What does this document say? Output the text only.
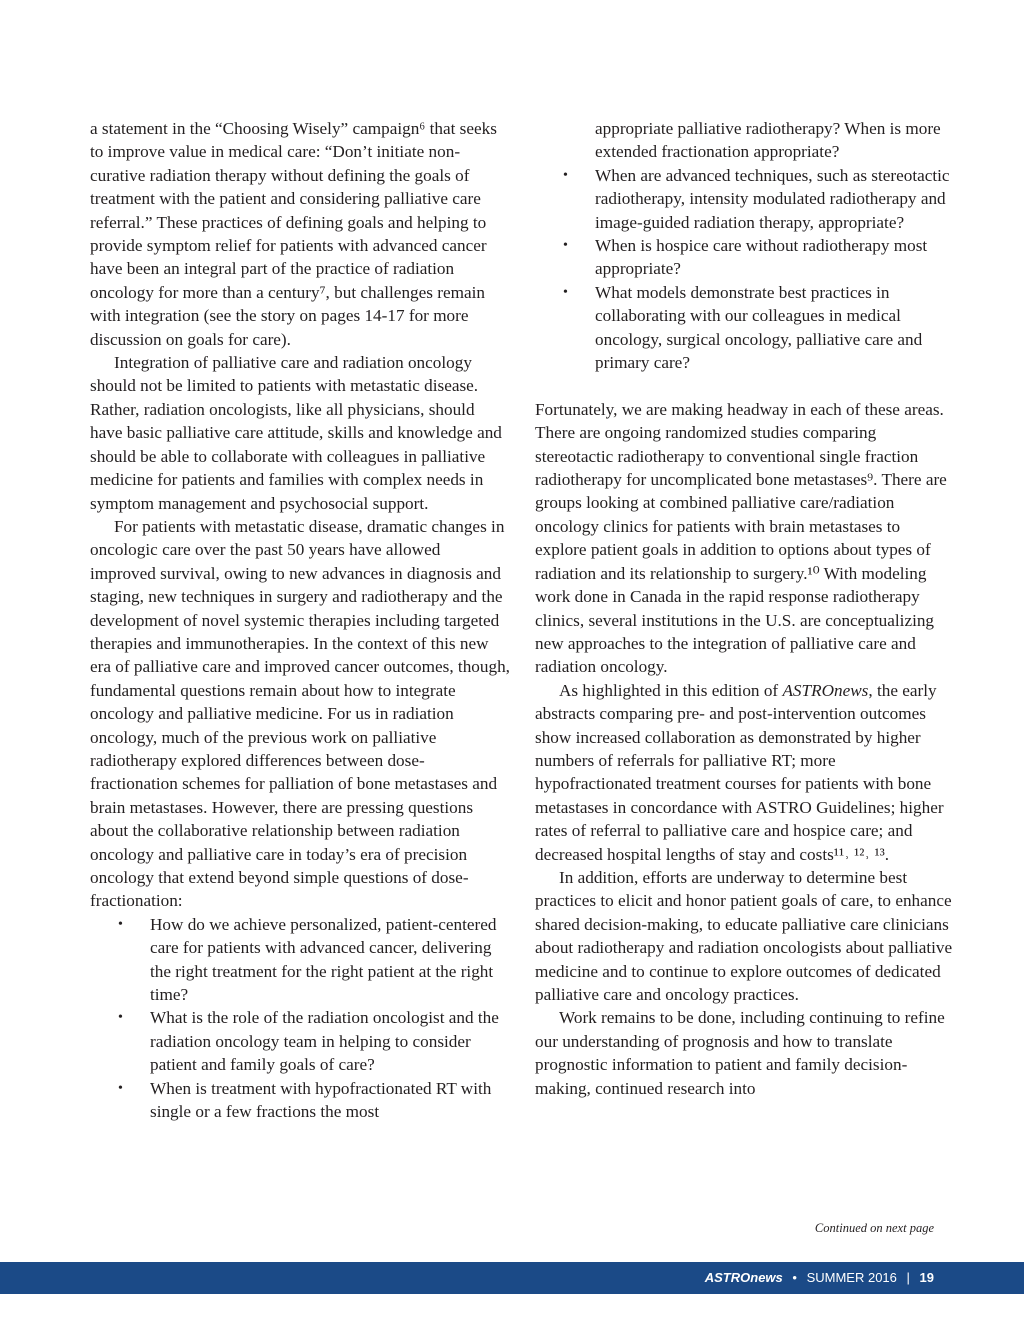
a statement in the “Choosing Wisely” campaign⁶ that seeks to improve value in medical care: “Don’t initiate non-curative radiation therapy without defining the goals of treatment with the patient and considering palliative care referral.” These practices of defining goals and helping to provide symptom relief for patients with advanced cancer have been an integral part of the practice of radiation oncology for more than a century⁷, but challenges remain with integration (see the story on pages 14-17 for more discussion on goals for care).

Integration of palliative care and radiation oncology should not be limited to patients with metastatic disease. Rather, radiation oncologists, like all physicians, should have basic palliative care attitude, skills and knowledge and should be able to collaborate with colleagues in palliative medicine for patients and families with complex needs in symptom management and psychosocial support.

For patients with metastatic disease, dramatic changes in oncologic care over the past 50 years have allowed improved survival, owing to new advances in diagnosis and staging, new techniques in surgery and radiotherapy and the development of novel systemic therapies including targeted therapies and immunotherapies. In the context of this new era of palliative care and improved cancer outcomes, though, fundamental questions remain about how to integrate oncology and palliative medicine. For us in radiation oncology, much of the previous work on palliative radiotherapy explored differences between dose-fractionation schemes for palliation of bone metastases and brain metastases. However, there are pressing questions about the collaborative relationship between radiation oncology and palliative care in today’s era of precision oncology that extend beyond simple questions of dose-fractionation:

• How do we achieve personalized, patient-centered care for patients with advanced cancer, delivering the right treatment for the right patient at the right time?
• What is the role of the radiation oncologist and the radiation oncology team in helping to consider patient and family goals of care?
• When is treatment with hypofractionated RT with single or a few fractions the most
appropriate palliative radiotherapy? When is more extended fractionation appropriate?
• When are advanced techniques, such as stereotactic radiotherapy, intensity modulated radiotherapy and image-guided radiation therapy, appropriate?
• When is hospice care without radiotherapy most appropriate?
• What models demonstrate best practices in collaborating with our colleagues in medical oncology, surgical oncology, palliative care and primary care?

Fortunately, we are making headway in each of these areas. There are ongoing randomized studies comparing stereotactic radiotherapy to conventional single fraction radiotherapy for uncomplicated bone metastases⁹. There are groups looking at combined palliative care/radiation oncology clinics for patients with brain metastases to explore patient goals in addition to options about types of radiation and its relationship to surgery.¹⁰ With modeling work done in Canada in the rapid response radiotherapy clinics, several institutions in the U.S. are conceptualizing new approaches to the integration of palliative care and radiation oncology.

As highlighted in this edition of ASTROnews, the early abstracts comparing pre- and post-intervention outcomes show increased collaboration as demonstrated by higher numbers of referrals for palliative RT; more hypofractionated treatment courses for patients with bone metastases in concordance with ASTRO Guidelines; higher rates of referral to palliative care and hospice care; and decreased hospital lengths of stay and costs¹¹˒ ¹²˒ ¹³.

In addition, efforts are underway to determine best practices to elicit and honor patient goals of care, to enhance shared decision-making, to educate palliative care clinicians about radiotherapy and radiation oncologists about palliative medicine and to continue to explore outcomes of dedicated palliative care and oncology practices.

Work remains to be done, including continuing to refine our understanding of prognosis and how to translate prognostic information to patient and family decision-making, continued research into

Continued on next page
ASTROnews • SUMMER 2016 | 19
